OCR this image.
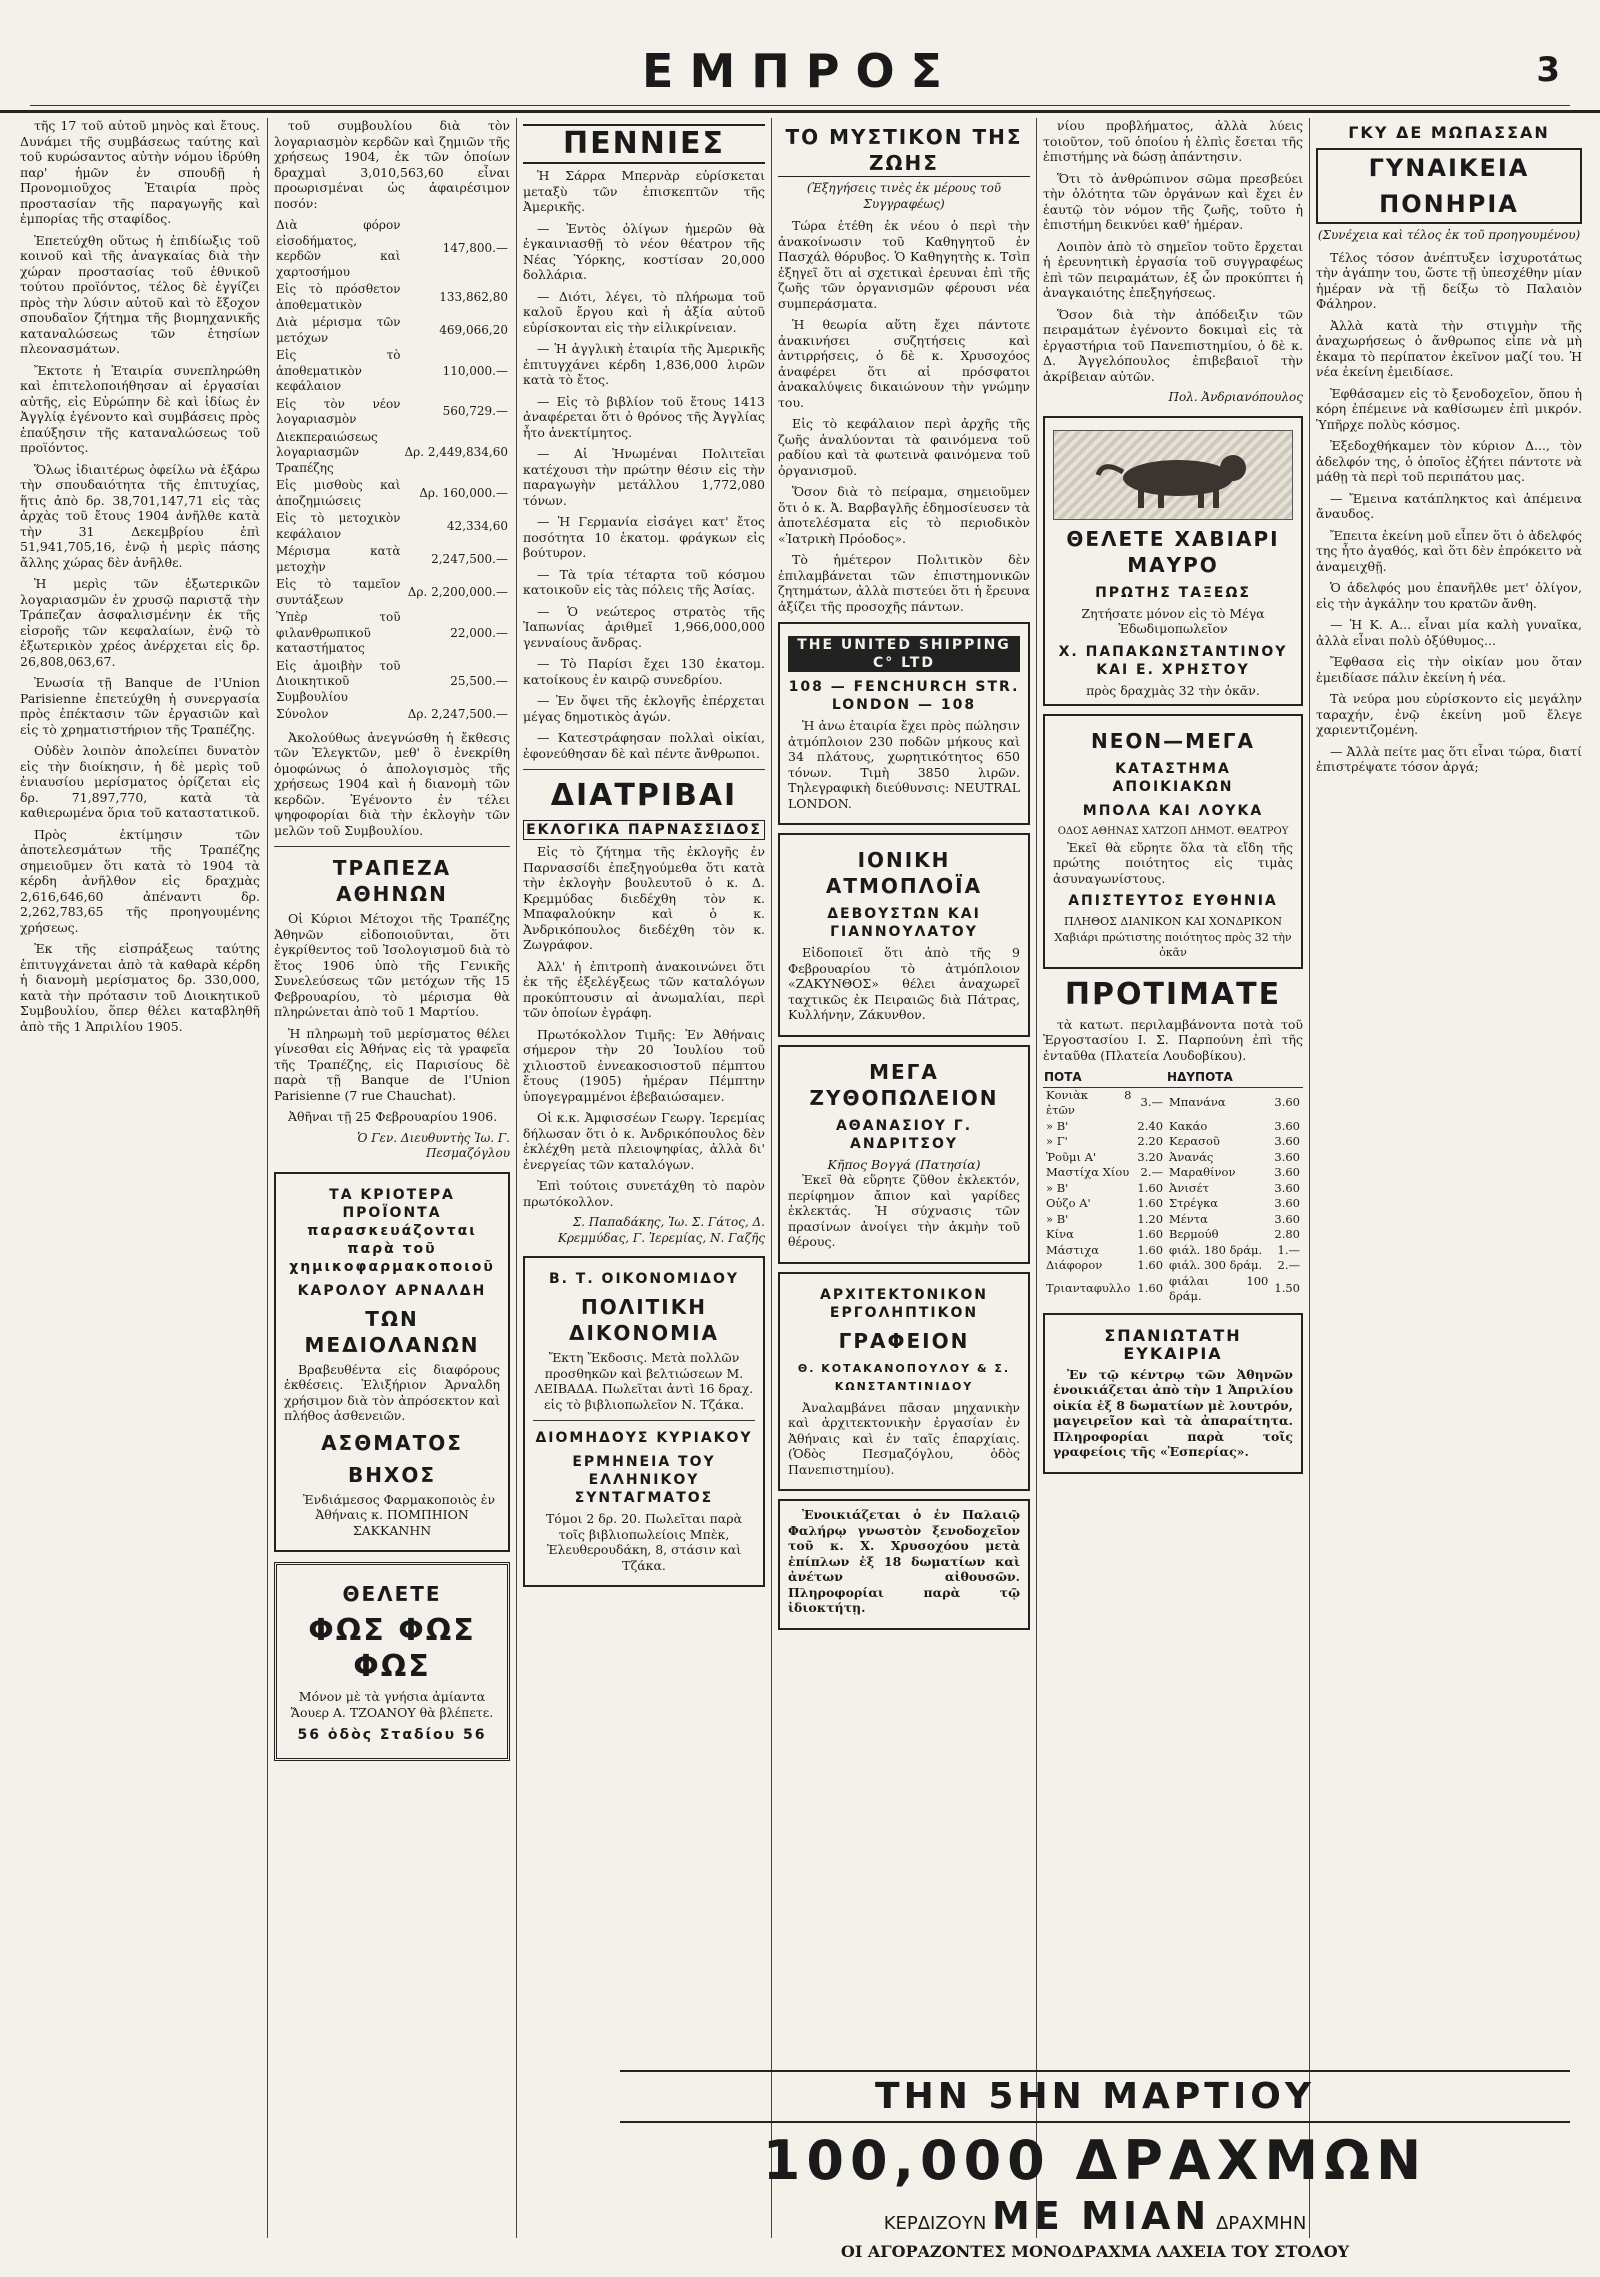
ΕΜΠΡΟΣ	3

τῆς 17 τοῦ αὐτοῦ μηνὸς καὶ ἔτους. Δυνάμει τῆς συμβάσεως ταύτης καὶ τοῦ κυρώσαντος αὐτὴν νόμου ἱδρύθη παρ' ἡμῶν ἐν σπουδῇ ἡ Προνομιοῦχος Ἑταιρία πρὸς προστασίαν τῆς παραγωγῆς καὶ ἐμπορίας τῆς σταφίδος.

Ἐπετεύχθη οὕτως ἡ ἐπιδίωξις τοῦ κοινοῦ καὶ τῆς ἀναγκαίας διὰ τὴν χώραν προστασίας τοῦ ἐθνικοῦ τούτου προϊόντος, τέλος δὲ ἐγγίζει πρὸς τὴν λύσιν αὐτοῦ καὶ τὸ ἔξοχον σπουδαῖον ζήτημα τῆς βιομηχανικῆς καταναλώσεως τῶν ἐτησίων πλεονασμάτων.

Ἔκτοτε ἡ Ἑταιρία συνεπληρώθη καὶ ἐπιτελοποιήθησαν αἱ ἐργασίαι αὐτῆς, εἰς Εὐρώπην δὲ καὶ ἰδίως ἐν Ἀγγλίᾳ ἐγένοντο καὶ συμβάσεις πρὸς ἐπαύξησιν τῆς καταναλώσεως τοῦ προϊόντος.

Ὅλως ἰδιαιτέρως ὀφείλω νὰ ἐξάρω τὴν σπουδαιότητα τῆς ἐπιτυχίας, ἥτις ἀπὸ δρ. 38,701,147,71 εἰς τὰς ἀρχὰς τοῦ ἔτους 1904 ἀνῆλθε κατὰ τὴν 31 Δεκεμβρίου ἐπὶ 51,941,705,16, ἐνῷ ἡ μερὶς πάσης ἄλλης χώρας δὲν ἀνῆλθε.

Ἡ μερὶς τῶν ἐξωτερικῶν λογαριασμῶν ἐν χρυσῷ παριστᾷ τὴν Τράπεζαν ἀσφαλισμένην ἐκ τῆς εἰσροῆς τῶν κεφαλαίων, ἐνῷ τὸ ἐξωτερικὸν χρέος ἀνέρχεται εἰς δρ. 26,808,063,67.

Ἐνωσία τῇ Banque de l'Union Parisienne ἐπετεύχθη ἡ συνεργασία πρὸς ἐπέκτασιν τῶν ἐργασιῶν καὶ εἰς τὸ χρηματιστήριον τῆς Τραπέζης.

Οὐδὲν λοιπὸν ἀπολείπει δυνατὸν εἰς τὴν διοίκησιν, ἡ δὲ μερὶς τοῦ ἐνιαυσίου μερίσματος ὁρίζεται εἰς δρ. 71,897,770, κατὰ τὰ καθιερωμένα ὅρια τοῦ καταστατικοῦ.

Πρὸς ἐκτίμησιν τῶν ἀποτελεσμάτων τῆς Τραπέζης σημειοῦμεν ὅτι κατὰ τὸ 1904 τὰ κέρδη ἀνῆλθον εἰς δραχμὰς 2,616,646,60 ἀπέναντι δρ. 2,262,783,65 τῆς προηγουμένης χρήσεως.

Ἐκ τῆς εἰσπράξεως ταύτης ἐπιτυγχάνεται ἀπὸ τὰ καθαρὰ κέρδη ἡ διανομὴ μερίσματος δρ. 330,000, κατὰ τὴν πρότασιν τοῦ Διοικητικοῦ Συμβουλίου, ὅπερ θέλει καταβληθῆ ἀπὸ τῆς 1 Ἀπριλίου 1905.

τοῦ συμβουλίου διὰ τὸν λογαριασμὸν κερδῶν καὶ ζημιῶν τῆς χρήσεως 1904, ἐκ τῶν ὁποίων δραχμαὶ 3,010,563,60 εἶναι προωρισμέναι ὡς ἀφαιρέσιμον ποσόν:

Διὰ φόρον εἰσοδήματος, κερδῶν καὶ χαρτοσήμου	147,800.—
Εἰς τὸ πρόσθετον ἀποθεματικὸν	133,862,80
Διὰ μέρισμα τῶν μετόχων	469,066,20
Εἰς τὸ ἀποθεματικὸν κεφάλαιον	110,000.—
Εἰς τὸν νέον λογαριασμὸν	560,729.—
Διεκπεραιώσεως λογαριασμῶν Τραπέζης	Δρ. 2,449,834,60
Εἰς μισθοὺς καὶ ἀποζημιώσεις	Δρ. 160,000.—
Εἰς τὸ μετοχικὸν κεφάλαιον	42,334,60
Μέρισμα κατὰ μετοχὴν	2,247,500.—
Εἰς τὸ ταμεῖον συντάξεων	Δρ. 2,200,000.—
Ὑπὲρ τοῦ φιλανθρωπικοῦ καταστήματος	22,000.—
Εἰς ἀμοιβὴν τοῦ Διοικητικοῦ Συμβουλίου	25,500.—
Σύνολον	Δρ. 2,247,500.—

Ἀκολούθως ἀνεγνώσθη ἡ ἔκθεσις τῶν Ἐλεγκτῶν, μεθ' ὃ ἐνεκρίθη ὁμοφώνως ὁ ἀπολογισμὸς τῆς χρήσεως 1904 καὶ ἡ διανομὴ τῶν κερδῶν. Ἐγένοντο ἐν τέλει ψηφοφορίαι διὰ τὴν ἐκλογὴν τῶν μελῶν τοῦ Συμβουλίου.

ΤΡΑΠΕΖΑ ΑΘΗΝΩΝ

Οἱ Κύριοι Μέτοχοι τῆς Τραπέζης Ἀθηνῶν εἰδοποιοῦνται, ὅτι ἐγκρίθεντος τοῦ Ἰσολογισμοῦ διὰ τὸ ἔτος 1906 ὑπὸ τῆς Γενικῆς Συνελεύσεως τῶν μετόχων τῆς 15 Φεβρουαρίου, τὸ μέρισμα θὰ πληρώνεται ἀπὸ τοῦ 1 Μαρτίου.

Ἡ πληρωμὴ τοῦ μερίσματος θέλει γίνεσθαι εἰς Ἀθήνας εἰς τὰ γραφεῖα τῆς Τραπέζης, εἰς Παρισίους δὲ παρὰ τῇ Banque de l'Union Parisienne (7 rue Chauchat).

Ἀθῆναι τῇ 25 Φεβρουαρίου 1906.

Ὁ Γεν. Διευθυντὴς Ἰω. Γ. Πεσμαζόγλου
ΤΑ ΚΡΙΟΤΕΡΑ ΠΡΟΪΟΝΤΑ παρασκευάζονται παρὰ τοῦ χημικοφαρμακοποιοῦ
ΚΑΡΟΛΟΥ ΑΡΝΑΛΔΗ
ΤΩΝ ΜΕΔΙΟΛΑΝΩΝ

Βραβευθέντα εἰς διαφόρους ἐκθέσεις. Ἐλιξήριον Ἀρναλδη χρήσιμον διὰ τὸν ἀπρόσεκτον καὶ πλήθος ἀσθενειῶν.

ΑΣΘΜΑΤΟΣ
ΒΗΧΟΣ

Ἐνδιάμεσος Φαρμακοποιὸς ἐν Ἀθήναις κ. ΠΟΜΠΗΙΟΝ ΣΑΚΚΑΝΗΝ

ΘΕΛΕΤΕ
ΦΩΣ ΦΩΣ ΦΩΣ
Μόνον μὲ τὰ γνήσια ἀμίαντα Ἄουερ Α. ΤΖΟΑΝΟΥ θὰ βλέπετε.
56 ὁδὸς Σταδίου 56
ΠΕΝΝΙΕΣ

Ἡ Σάρρα Μπερνὰρ εὑρίσκεται μεταξὺ τῶν ἐπισκεπτῶν τῆς Ἀμερικῆς.

— Ἐντὸς ὀλίγων ἡμερῶν θὰ ἐγκαινιασθῇ τὸ νέον θέατρον τῆς Νέας Ὑόρκης, κοστίσαν 20,000 δολλάρια.

— Διότι, λέγει, τὸ πλήρωμα τοῦ καλοῦ ἔργου καὶ ἡ ἀξία αὐτοῦ εὑρίσκονται εἰς τὴν εἰλικρίνειαν.

— Ἡ ἀγγλικὴ ἑταιρία τῆς Ἀμερικῆς ἐπιτυγχάνει κέρδη 1,836,000 λιρῶν κατὰ τὸ ἔτος.

— Εἰς τὸ βιβλίον τοῦ ἔτους 1413 ἀναφέρεται ὅτι ὁ θρόνος τῆς Ἀγγλίας ἦτο ἀνεκτίμητος.

— Αἱ Ἡνωμέναι Πολιτεῖαι κατέχουσι τὴν πρώτην θέσιν εἰς τὴν παραγωγὴν μετάλλου 1,772,080 τόνων.

— Ἡ Γερμανία εἰσάγει κατ' ἔτος ποσότητα 10 ἑκατομ. φράγκων εἰς βούτυρον.

— Τὰ τρία τέταρτα τοῦ κόσμου κατοικοῦν εἰς τὰς πόλεις τῆς Ἀσίας.

— Ὁ νεώτερος στρατὸς τῆς Ἰαπωνίας ἀριθμεῖ 1,966,000,000 γενναίους ἄνδρας.

— Τὸ Παρίσι ἔχει 130 ἑκατομ. κατοίκους ἐν καιρῷ συνεδρίου.

— Ἐν ὄψει τῆς ἐκλογῆς ἐπέρχεται μέγας δημοτικὸς ἀγών.

— Κατεστράφησαν πολλαὶ οἰκίαι, ἐφονεύθησαν δὲ καὶ πέντε ἄνθρωποι.

ΔΙΑΤΡΙΒΑΙ
ΕΚΛΟΓΙΚΑ ΠΑΡΝΑΣΣΙΔΟΣ

Εἰς τὸ ζήτημα τῆς ἐκλογῆς ἐν Παρνασσίδι ἐπεξηγούμεθα ὅτι κατὰ τὴν ἐκλογὴν βουλευτοῦ ὁ κ. Δ. Κρεμμύδας διεδέχθη τὸν κ. Μπαφαλούκην καὶ ὁ κ. Ἀνδρικόπουλος διεδέχθη τὸν κ. Ζωγράφον.

Ἀλλ' ἡ ἐπιτροπὴ ἀνακοινώνει ὅτι ἐκ τῆς ἐξελέγξεως τῶν καταλόγων προκύπτουσιν αἱ ἀνωμαλίαι, περὶ τῶν ὁποίων ἐγράφη.

Πρωτόκολλον Τιμῆς: Ἐν Ἀθήναις σήμερον τὴν 20 Ἰουλίου τοῦ χιλιοστοῦ ἐννεακοσιοστοῦ πέμπτου ἔτους (1905) ἡμέραν Πέμπτην ὑπογεγραμμένοι ἐβεβαιώσαμεν.

Οἱ κ.κ. Ἀμφισσέων Γεωργ. Ἰερεμίας δήλωσαν ὅτι ὁ κ. Ἀνδρικόπουλος δὲν ἐκλέχθη μετὰ πλειοψηφίας, ἀλλὰ δι' ἐνεργείας τῶν καταλόγων.

Ἐπὶ τούτοις συνετάχθη τὸ παρὸν πρωτόκολλον.

Σ. Παπαδάκης, Ἰω. Σ. Γάτος, Δ. Κρεμμύδας, Γ. Ἰερεμίας, Ν. Γαζῆς
Β. Τ. ΟΙΚΟΝΟΜΙΔΟΥ
ΠΟΛΙΤΙΚΗ ΔΙΚΟΝΟΜΙΑ

Ἔκτη Ἔκδοσις. Μετὰ πολλῶν προσθηκῶν καὶ βελτιώσεων Μ. ΛΕΙΒΑΔΑ. Πωλεῖται ἀντὶ 16 δραχ. εἰς τὸ βιβλιοπωλεῖον Ν. Τζάκα.

ΔΙΟΜΗΔΟΥΣ ΚΥΡΙΑΚΟΥ
ΕΡΜΗΝΕΙΑ ΤΟΥ ΕΛΛΗΝΙΚΟΥ ΣΥΝΤΑΓΜΑΤΟΣ

Τόμοι 2 δρ. 20. Πωλεῖται παρὰ τοῖς βιβλιοπωλείοις Μπὲκ, Ἐλευθερουδάκη, 8, στάσιν καὶ Τζάκα.

ΤΟ ΜΥΣΤΙΚΟΝ ΤΗΣ ΖΩΗΣ
(Ἐξηγήσεις τινὲς ἐκ μέρους τοῦ Συγγραφέως)

Τώρα ἐτέθη ἐκ νέου ὁ περὶ τὴν ἀνακοίνωσιν τοῦ Καθηγητοῦ ἐν Πασχάλ θόρυβος. Ὁ Καθηγητὴς κ. Τσὶπ ἐξηγεῖ ὅτι αἱ σχετικαὶ ἐρευναι ἐπὶ τῆς ζωῆς τῶν ὀργανισμῶν φέρουσι νέα συμπεράσματα.

Ἡ θεωρία αὕτη ἔχει πάντοτε ἀνακινήσει συζητήσεις καὶ ἀντιρρήσεις, ὁ δὲ κ. Χρυσοχόος ἀναφέρει ὅτι αἱ πρόσφατοι ἀνακαλύψεις δικαιώνουν τὴν γνώμην του.

Εἰς τὸ κεφάλαιον περὶ ἀρχῆς τῆς ζωῆς ἀναλύονται τὰ φαινόμενα τοῦ ραδίου καὶ τὰ φωτεινὰ φαινόμενα τοῦ ὀργανισμοῦ.

Ὅσον διὰ τὸ πείραμα, σημειοῦμεν ὅτι ὁ κ. Ἀ. Βαρβαγλῆς ἐδημοσίευσεν τὰ ἀποτελέσματα εἰς τὸ περιοδικὸν «Ἰατρικὴ Πρόοδος».

Τὸ ἡμέτερον Πολιτικὸν δὲν ἐπιλαμβάνεται τῶν ἐπιστημονικῶν ζητημάτων, ἀλλὰ πιστεύει ὅτι ἡ ἔρευνα ἀξίζει τῆς προσοχῆς πάντων.

THE UNITED SHIPPING C° LTD
108 — FENCHURCH STR. LONDON — 108

Ἡ ἀνω ἑταιρία ἔχει πρὸς πώλησιν ἀτμόπλοιον 230 ποδῶν μήκους καὶ 34 πλάτους, χωρητικότητος 650 τόνων. Τιμὴ 3850 λιρῶν. Τηλεγραφικὴ διεύθυνσις: NEUTRAL LONDON.

ΙΟΝΙΚΗ ΑΤΜΟΠΛΟΪΑ
ΔΕΒΟΥΣΤΩΝ ΚΑΙ ΓΙΑΝΝΟΥΛΑΤΟΥ

Εἰδοποιεῖ ὅτι ἀπὸ τῆς 9 Φεβρουαρίου τὸ ἀτμόπλοιον «ΖΑΚΥΝΘΟΣ» θέλει ἀναχωρεῖ ταχτικῶς ἐκ Πειραιῶς διὰ Πάτρας, Κυλλήνην, Ζάκυνθον.

ΜΕΓΑ ΖΥΘΟΠΩΛΕΙΟΝ
ΑΘΑΝΑΣΙΟΥ Γ. ΑΝΔΡΙΤΣΟΥ
Κῆπος Βογγά (Πατησία)

Ἐκεῖ θὰ εὕρητε ζῦθον ἐκλεκτόν, περίφημον ἄπιον καὶ γαρίδες ἐκλεκτάς. Ἡ σύχνασις τῶν πρασίνων ἀνοίγει τὴν ἀκμὴν τοῦ θέρους.

ΑΡΧΙΤΕΚΤΟΝΙΚΟΝ ΕΡΓΟΛΗΠΤΙΚΟΝ
ΓΡΑΦΕΙΟΝ
Θ. ΚΟΤΑΚΑΝΟΠΟΥΛΟΥ & Σ. ΚΩΝΣΤΑΝΤΙΝΙΔΟΥ

Ἀναλαμβάνει πᾶσαν μηχανικὴν καὶ ἀρχιτεκτονικὴν ἐργασίαν ἐν Ἀθήναις καὶ ἐν ταῖς ἐπαρχίαις. (Ὁδὸς Πεσμαζόγλου, ὁδὸς Πανεπιστημίου).

Ἐνοικιάζεται ὁ ἐν Παλαιῷ Φαλήρῳ γνωστὸν ξενοδοχεῖον τοῦ κ. Χ. Χρυσοχόου μετὰ ἐπίπλων ἐξ 18 δωματίων καὶ ἀνέτων αἰθουσῶν. Πληροφορίαι παρὰ τῷ ἰδιοκτήτῃ.

νίου προβλήματος, ἀλλὰ λύεις τοιοῦτον, τοῦ ὁποίου ἡ ἐλπὶς ἔσεται τῆς ἐπιστήμης νὰ δώσῃ ἀπάντησιν.

Ὅτι τὸ ἀνθρώπινον σῶμα πρεσβεύει τὴν ὁλότητα τῶν ὀργάνων καὶ ἔχει ἐν ἑαυτῷ τὸν νόμον τῆς ζωῆς, τοῦτο ἡ ἐπιστήμη δεικνύει καθ' ἡμέραν.

Λοιπὸν ἀπὸ τὸ σημεῖον τοῦτο ἔρχεται ἡ ἐρευνητικὴ ἐργασία τοῦ συγγραφέως ἐπὶ τῶν πειραμάτων, ἐξ ὧν προκύπτει ἡ ἀναγκαιότης ἐπεξηγήσεως.

Ὅσον διὰ τὴν ἀπόδειξιν τῶν πειραμάτων ἐγένοντο δοκιμαὶ εἰς τὰ ἐργαστήρια τοῦ Πανεπιστημίου, ὁ δὲ κ. Δ. Ἀγγελόπουλος ἐπιβεβαιοῖ τὴν ἀκρίβειαν αὐτῶν.

Πολ. Ἀνδριανόπουλος
ΘΕΛΕΤΕ ΧΑΒΙΑΡΙ ΜΑΥΡΟ
ΠΡΩΤΗΣ ΤΑΞΕΩΣ
Ζητήσατε μόνον εἰς τὸ Μέγα Ἑδωδιμοπωλεῖον
Χ. ΠΑΠΑΚΩΝΣΤΑΝΤΙΝΟΥ ΚΑΙ Ε. ΧΡΗΣΤΟΥ
πρὸς δραχμὰς 32 τὴν ὀκᾶν.
ΝΕΟΝ—ΜΕΓΑ
ΚΑΤΑΣΤΗΜΑ ΑΠΟΙΚΙΑΚΩΝ
ΜΠΟΛΑ ΚΑΙ ΛΟΥΚΑ
ΟΔΟΣ ΑΘΗΝΑΣ ΧΑΤΖΟΠ ΔΗΜΟΤ. ΘΕΑΤΡΟΥ

Ἐκεῖ θὰ εὕρητε ὅλα τὰ εἴδη τῆς πρώτης ποιότητος εἰς τιμὰς ἀσυναγωνίστους.

ΑΠΙΣΤΕΥΤΟΣ ΕΥΘΗΝΙΑ
ΠΛΗΘΟΣ ΔΙΑΝΙΚΟΝ ΚΑΙ ΧΟΝΔΡΙΚΟΝ Χαβιάρι πρώτιστης ποιότητος πρὸς 32 τὴν ὀκᾶν
ΠΡΟΤΙΜΑΤΕ

τὰ κατωτ. περιλαμβάνοντα ποτὰ τοῦ Ἐργοστασίου Ι. Σ. Παρπούνη ἐπὶ τῆς ἐνταῦθα (Πλατεία Λουδοβίκου).

ΠΟΤΑ		ΗΔΥΠΟΤΑ	
Κονιὰκ 8 ἐτῶν	3.—	Μπανάνα	3.60
» Β'	2.40	Κακάο	3.60
» Γ'	2.20	Κερασοῦ	3.60
Ῥοῦμι Α'	3.20	Ἀνανάς	3.60
Μαστίχα Χίου	2.—	Μαραθίνον	3.60
» Β'	1.60	Ἀνισέτ	3.60
Οὐζο Α'	1.60	Στρέγκα	3.60
» Β'	1.20	Μέντα	3.60
Κίνα	1.60	Βερμούθ	2.80
Μάστιχα	1.60	φιάλ. 180 δράμ.	1.—
Διάφορον	1.60	φιάλ. 300 δράμ.	2.—
Τριανταφυλλο	1.60	φιάλαι 100 δράμ.	1.50
ΣΠΑΝΙΩΤΑΤΗ ΕΥΚΑΙΡΙΑ

Ἐν τῷ κέντρῳ τῶν Ἀθηνῶν ἐνοικιάζεται ἀπὸ τὴν 1 Ἀπριλίου οἰκία ἐξ 8 δωματίων μὲ λουτρόν, μαγειρεῖον καὶ τὰ ἀπαραίτητα. Πληροφορίαι παρὰ τοῖς γραφείοις τῆς «Ἑσπερίας».

ΓΚΥ ΔΕ ΜΩΠΑΣΣΑΝ
ΓΥΝΑΙΚΕΙΑ ΠΟΝΗΡΙΑ
(Συνέχεια καὶ τέλος ἐκ τοῦ προηγουμένου)

Τέλος τόσον ἀνέπτυξεν ἰσχυροτάτως τὴν ἀγάπην του, ὥστε τῇ ὑπεσχέθην μίαν ἡμέραν νὰ τῇ δείξω τὸ Παλαιὸν Φάληρον.

Ἀλλὰ κατὰ τὴν στιγμὴν τῆς ἀναχωρήσεως ὁ ἄνθρωπος εἶπε νὰ μὴ ἐκαμα τὸ περίπατον ἐκεῖνον μαζί του. Ἡ νέα ἐκείνη ἐμειδίασε.

Ἐφθάσαμεν εἰς τὸ ξενοδοχεῖον, ὅπου ἡ κόρη ἐπέμεινε νὰ καθίσωμεν ἐπὶ μικρόν. Ὑπῆρχε πολὺς κόσμος.

Ἐξεδοχθήκαμεν τὸν κύριον Δ..., τὸν ἀδελφόν της, ὁ ὁποῖος ἐζήτει πάντοτε νὰ μάθῃ τὰ περὶ τοῦ περιπάτου μας.

— Ἔμεινα κατάπληκτος καὶ ἀπέμεινα ἄναυδος.

Ἔπειτα ἐκείνη μοῦ εἶπεν ὅτι ὁ ἀδελφός της ἦτο ἀγαθός, καὶ ὅτι δὲν ἐπρόκειτο νὰ ἀναμειχθῇ.

Ὁ ἀδελφός μου ἐπανῆλθε μετ' ὀλίγον, εἰς τὴν ἀγκάλην του κρατῶν ἄνθη.

— Ἡ Κ. Α... εἶναι μία καλὴ γυναῖκα, ἀλλὰ εἶναι πολὺ ὀξύθυμος...

Ἔφθασα εἰς τὴν οἰκίαν μου ὅταν ἐμειδίασε πάλιν ἐκείνη ἡ νέα.

Τὰ νεύρα μου εὑρίσκοντο εἰς μεγάλην ταραχήν, ἐνῷ ἐκείνη μοῦ ἔλεγε χαριεντιζομένη.

— Ἀλλὰ πείτε μας ὅτι εἶναι τώρα, διατί ἐπιστρέψατε τόσον ἀργά;

ΤΗΝ 5ΗΝ ΜΑΡΤΙΟΥ
100,000 ΔΡΑΧΜΩΝ
ΚΕΡΔΙΖΟΥΝ ΜΕ ΜΙΑΝ ΔΡΑΧΜΗΝ
ΟΙ ΑΓΟΡΑΖΟΝΤΕΣ ΜΟΝΟΔΡΑΧΜΑ ΛΑΧΕΙΑ ΤΟΥ ΣΤΟΛΟΥ
